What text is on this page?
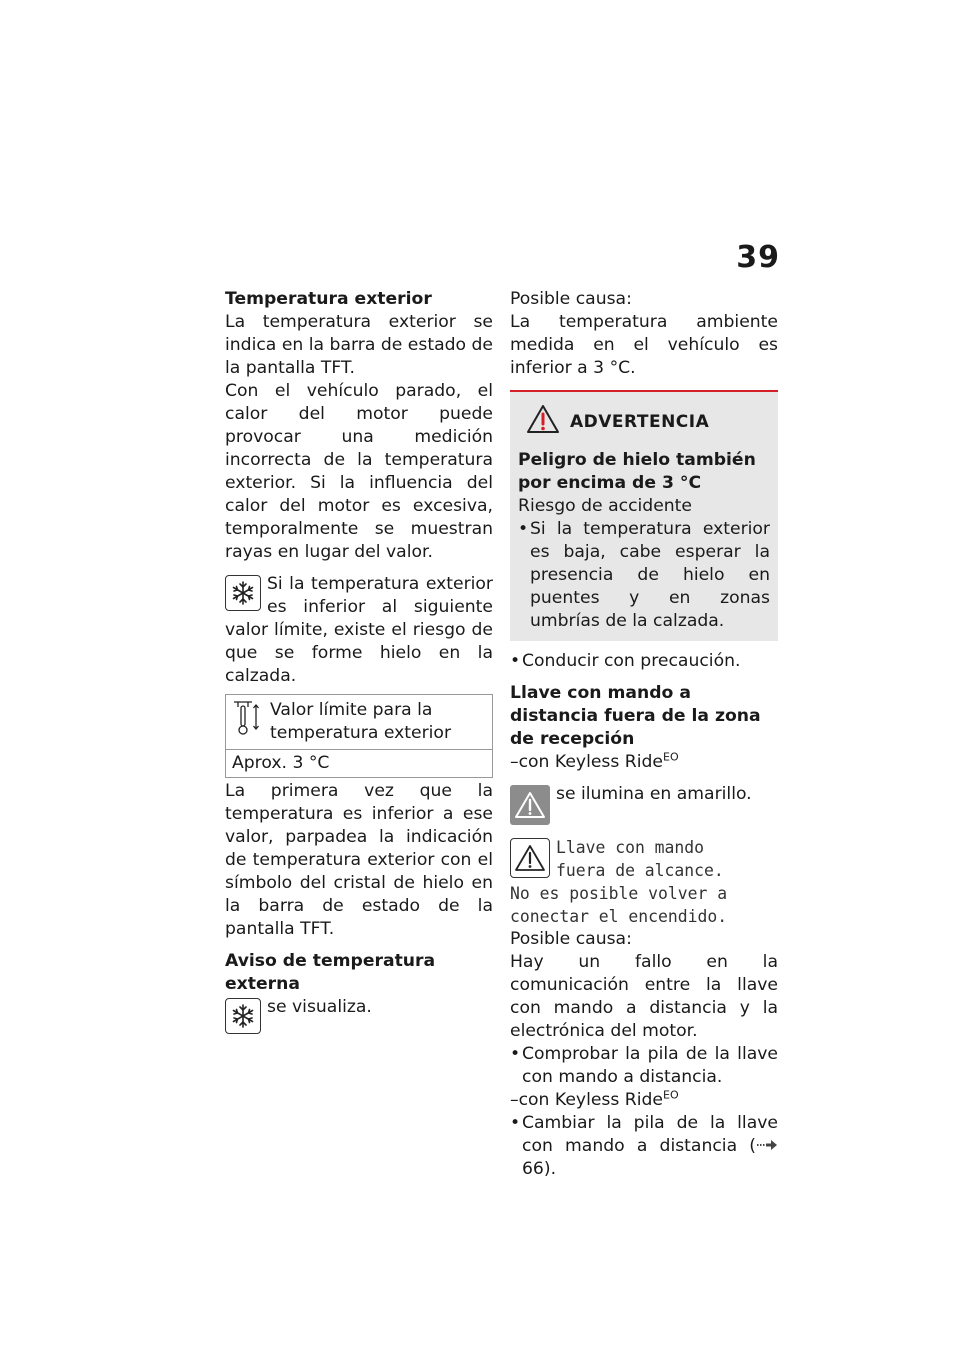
39
Temperatura exterior

La temperatura exterior se indica en la barra de estado de la pantalla TFT.

Con el vehículo parado, el calor del motor puede provocar una medición incorrecta de la temperatura exterior. Si la influencia del calor del motor es excesiva, temporalmente se muestran rayas en lugar del valor.

Si la temperatura exterior es inferior al siguiente valor límite, existe el riesgo de que se forme hielo en la calzada.

Valor límite para la temperatura exterior
Aprox. 3 °C

La primera vez que la temperatura es inferior a ese valor, parpadea la indicación de temperatura exterior con el símbolo del cristal de hielo en la barra de estado de la pantalla TFT.

Aviso de temperatura externa
se visualiza.
Posible causa:

La temperatura ambiente medida en el vehículo es inferior a 3 °C.

ADVERTENCIA
Peligro de hielo también por encima de 3 °C
Riesgo de accidente
• Si la temperatura exterior es baja, cabe esperar la presencia de hielo en puentes y en zonas umbrías de la calzada.
• Conducir con precaución.
Llave con mando a distancia fuera de la zona de recepción
–con Keyless Ride$^{EO}$
se ilumina en amarillo.
Llave con mando
fuera de alcance.
No es posible volver a
conectar el encendido.
Posible causa:

Hay un fallo en la comunicación entre la llave con mando a distancia y la electrónica del motor.

• Comprobar la pila de la llave con mando a distancia.
–con Keyless Ride$^{EO}$
• Cambiar la pila de la llave con mando a distancia (66).
